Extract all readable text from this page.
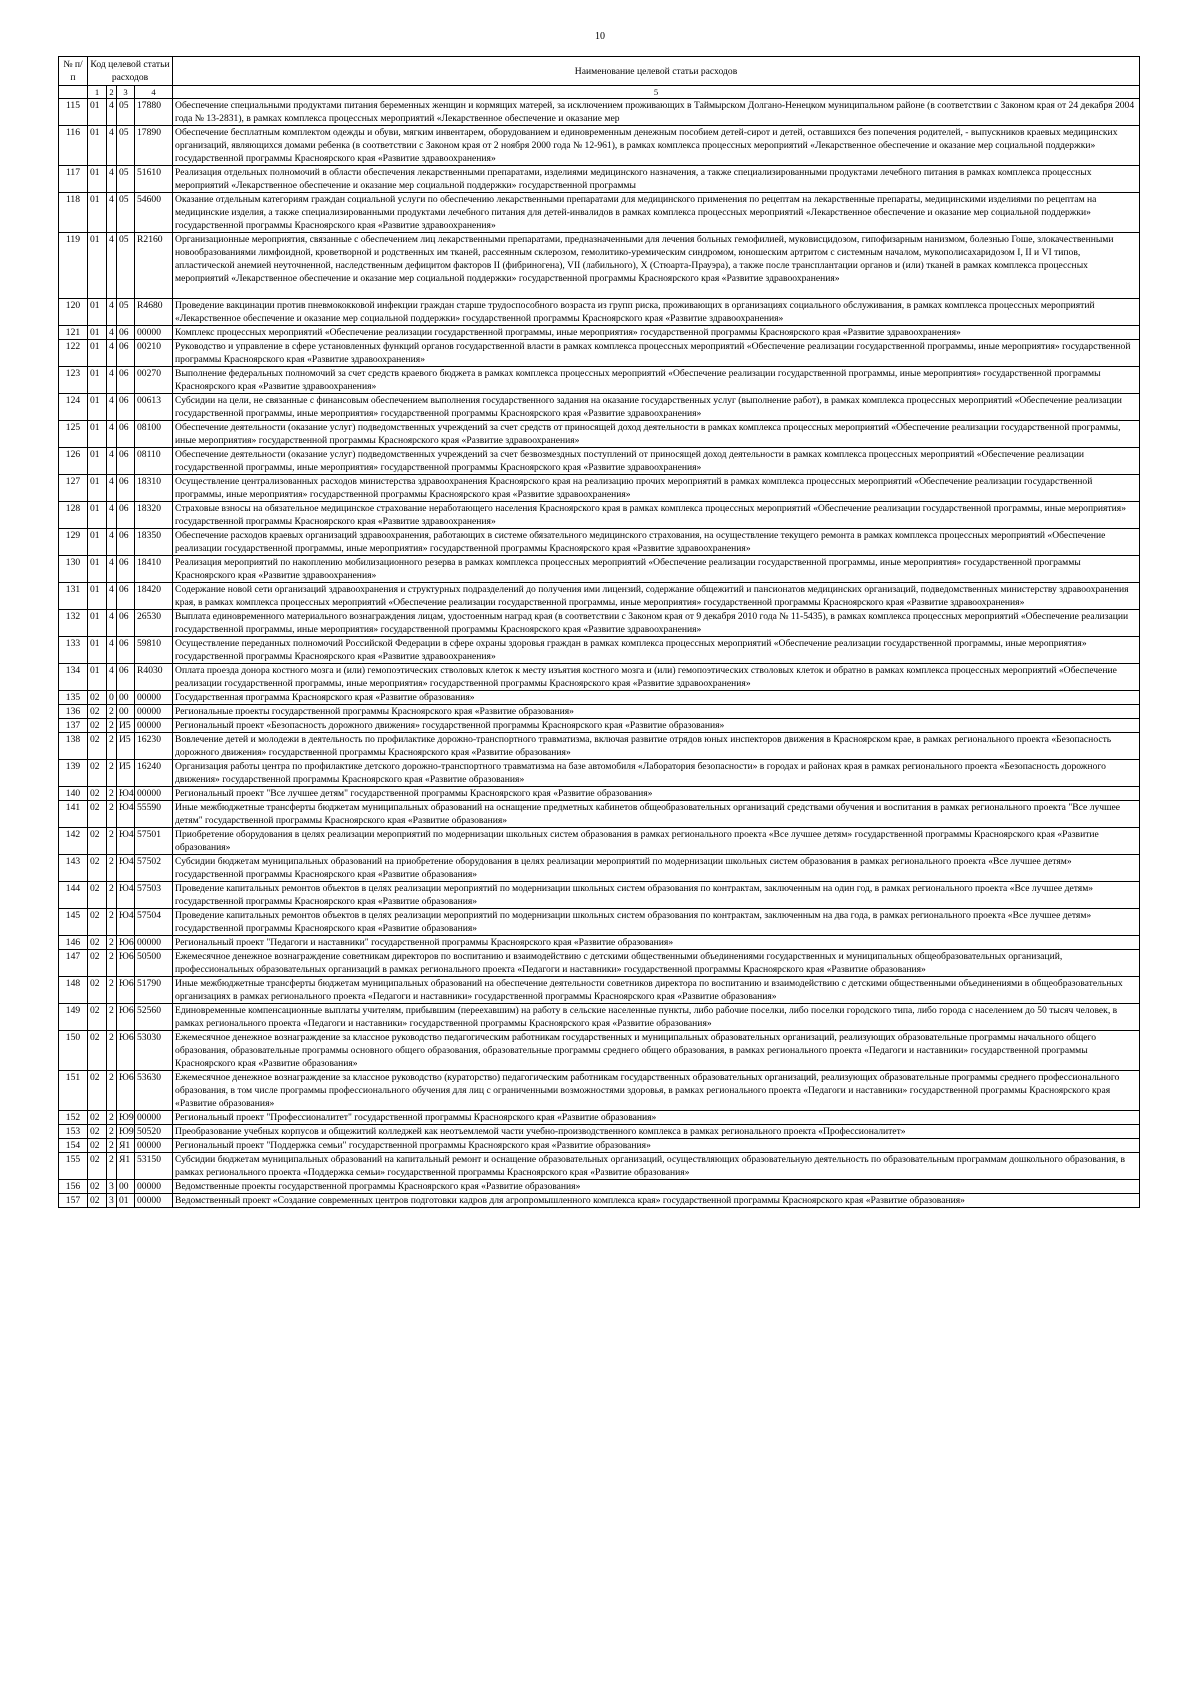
10
№ п/п	Код целевой статьи расходов				Наименование целевой статьи расходов
	1	2	3	4	5
115	01	4	05	17880	Обеспечение специальными продуктами питания беременных женщин и кормящих матерей, за исключением проживающих в Таймырском Долгано-Ненецком муниципальном районе (в соответствии с Законом края от 24 декабря 2004 года № 13-2831), в рамках комплекса процессных мероприятий «Лекарственное обеспечение и оказание мер
116	01	4	05	17890	Обеспечение бесплатным комплектом одежды и обуви, мягким инвентарем, оборудованием и единовременным денежным пособием детей-сирот и детей, оставшихся без попечения родителей, - выпускников краевых медицинских организаций, являющихся домами ребенка (в соответствии с Законом края от 2 ноября 2000 года № 12-961), в рамках комплекса процессных мероприятий «Лекарственное обеспечение и оказание мер социальной поддержки» государственной программы Красноярского края «Развитие здравоохранения»
117	01	4	05	51610	Реализация отдельных полномочий в области обеспечения лекарственными препаратами, изделиями медицинского назначения, а также специализированными продуктами лечебного питания в рамках комплекса процессных мероприятий «Лекарственное обеспечение и оказание мер социальной поддержки» государственной программы
118	01	4	05	54600	Оказание отдельным категориям граждан социальной услуги по обеспечению лекарственными препаратами для медицинского применения по рецептам на лекарственные препараты, медицинскими изделиями по рецептам на медицинские изделия, а также специализированными продуктами лечебного питания для детей-инвалидов в рамках комплекса процессных мероприятий «Лекарственное обеспечение и оказание мер социальной поддержки» государственной программы Красноярского края «Развитие здравоохранения»
119	01	4	05	R2160	Организационные мероприятия, связанные с обеспечением лиц лекарственными препаратами, предназначенными для лечения больных гемофилией, муковисцидозом, гипофизарным нанизмом, болезнью Гоше, злокачественными новообразованиями лимфоидной, кроветворной и родственных им тканей, рассеянным склерозом, гемолитико-уремическим синдромом, юношеским артритом с системным началом, мукополисахаридозом I, II и VI типов, апластической анемией неуточненной, наследственным дефицитом факторов II (фибриногена), VII (лабильного), X (Стюарта-Прауэра), а также после трансплантации органов и (или) тканей в рамках комплекса процессных мероприятий «Лекарственное обеспечение и оказание мер социальной поддержки» государственной программы Красноярского края «Развитие здравоохранения»
120	01	4	05	R4680	Проведение вакцинации против пневмококковой инфекции граждан старше трудоспособного возраста из групп риска, проживающих в организациях социального обслуживания, в рамках комплекса процессных мероприятий «Лекарственное обеспечение и оказание мер социальной поддержки» государственной программы Красноярского края «Развитие здравоохранения»
121	01	4	06	00000	Комплекс процессных мероприятий «Обеспечение реализации государственной программы, иные мероприятия» государственной программы Красноярского края «Развитие здравоохранения»
122	01	4	06	00210	Руководство и управление в сфере установленных функций органов государственной власти в рамках комплекса процессных мероприятий «Обеспечение реализации государственной программы, иные мероприятия» государственной программы Красноярского края «Развитие здравоохранения»
123	01	4	06	00270	Выполнение федеральных полномочий за счет средств краевого бюджета в рамках комплекса процессных мероприятий «Обеспечение реализации государственной программы, иные мероприятия» государственной программы Красноярского края «Развитие здравоохранения»
124	01	4	06	00613	Субсидии на цели, не связанные с финансовым обеспечением выполнения государственного задания на оказание государственных услуг (выполнение работ), в рамках комплекса процессных мероприятий «Обеспечение реализации государственной программы, иные мероприятия» государственной программы Красноярского края «Развитие здравоохранения»
125	01	4	06	08100	Обеспечение деятельности (оказание услуг) подведомственных учреждений за счет средств от приносящей доход деятельности в рамках комплекса процессных мероприятий «Обеспечение реализации государственной программы, иные мероприятия» государственной программы Красноярского края «Развитие здравоохранения»
126	01	4	06	08110	Обеспечение деятельности (оказание услуг) подведомственных учреждений за счет безвозмездных поступлений от приносящей доход деятельности в рамках комплекса процессных мероприятий «Обеспечение реализации государственной программы, иные мероприятия» государственной программы Красноярского края «Развитие здравоохранения»
127	01	4	06	18310	Осуществление централизованных расходов министерства здравоохранения Красноярского края на реализацию прочих мероприятий в рамках комплекса процессных мероприятий «Обеспечение реализации государственной программы, иные мероприятия» государственной программы Красноярского края «Развитие здравоохранения»
128	01	4	06	18320	Страховые взносы на обязательное медицинское страхование неработающего населения Красноярского края в рамках комплекса процессных мероприятий «Обеспечение реализации государственной программы, иные мероприятия» государственной программы Красноярского края «Развитие здравоохранения»
129	01	4	06	18350	Обеспечение расходов краевых организаций здравоохранения, работающих в системе обязательного медицинского страхования, на осуществление текущего ремонта в рамках комплекса процессных мероприятий «Обеспечение реализации государственной программы, иные мероприятия» государственной программы Красноярского края «Развитие здравоохранения»
130	01	4	06	18410	Реализация мероприятий по накоплению мобилизационного резерва в рамках комплекса процессных мероприятий «Обеспечение реализации государственной программы, иные мероприятия» государственной программы Красноярского края «Развитие здравоохранения»
131	01	4	06	18420	Содержание новой сети организаций здравоохранения и структурных подразделений до получения ими лицензий, содержание общежитий и пансионатов медицинских организаций, подведомственных министерству здравоохранения края, в рамках комплекса процессных мероприятий «Обеспечение реализации государственной программы, иные мероприятия» государственной программы Красноярского края «Развитие здравоохранения»
132	01	4	06	26530	Выплата единовременного материального вознаграждения лицам, удостоенным наград края (в соответствии с Законом края от 9 декабря 2010 года № 11-5435), в рамках комплекса процессных мероприятий «Обеспечение реализации государственной программы, иные мероприятия» государственной программы Красноярского края «Развитие здравоохранения»
133	01	4	06	59810	Осуществление переданных полномочий Российской Федерации в сфере охраны здоровья граждан в рамках комплекса процессных мероприятий «Обеспечение реализации государственной программы, иные мероприятия» государственной программы Красноярского края «Развитие здравоохранения»
134	01	4	06	R4030	Оплата проезда донора костного мозга и (или) гемопоэтических стволовых клеток к месту изъятия костного мозга и (или) гемопоэтических стволовых клеток и обратно в рамках комплекса процессных мероприятий «Обеспечение реализации государственной программы, иные мероприятия» государственной программы Красноярского края «Развитие здравоохранения»
135	02	0	00	00000	Государственная программа Красноярского края «Развитие образования»
136	02	2	00	00000	Региональные проекты государственной программы Красноярского края «Развитие образования»
137	02	2	И5	00000	Региональный проект «Безопасность дорожного движения» государственной программы Красноярского края «Развитие образования»
138	02	2	И5	16230	Вовлечение детей и молодежи в деятельность по профилактике дорожно-транспортного травматизма, включая развитие отрядов юных инспекторов движения в Красноярском крае, в рамках регионального проекта «Безопасность дорожного движения» государственной программы Красноярского края «Развитие образования»
139	02	2	И5	16240	Организация работы центра по профилактике детского дорожно-транспортного травматизма на базе автомобиля «Лаборатория безопасности» в городах и районах края в рамках регионального проекта «Безопасность дорожного движения» государственной программы Красноярского края «Развитие образования»
140	02	2	Ю4	00000	Региональный проект "Все лучшее детям" государственной программы Красноярского края «Развитие образования»
141	02	2	Ю4	55590	Иные межбюджетные трансферты бюджетам муниципальных образований на оснащение предметных кабинетов общеобразовательных организаций средствами обучения и воспитания в рамках регионального проекта "Все лучшее детям" государственной программы Красноярского края «Развитие образования»
142	02	2	Ю4	57501	Приобретение оборудования в целях реализации мероприятий по модернизации школьных систем образования в рамках регионального проекта «Все лучшее детям» государственной программы Красноярского края «Развитие образования»
143	02	2	Ю4	57502	Субсидии бюджетам муниципальных образований на приобретение оборудования в целях реализации мероприятий по модернизации школьных систем образования в рамках регионального проекта «Все лучшее детям» государственной программы Красноярского края «Развитие образования»
144	02	2	Ю4	57503	Проведение капитальных ремонтов объектов в целях реализации мероприятий по модернизации школьных систем образования по контрактам, заключенным на один год, в рамках регионального проекта «Все лучшее детям» государственной программы Красноярского края «Развитие образования»
145	02	2	Ю4	57504	Проведение капитальных ремонтов объектов в целях реализации мероприятий по модернизации школьных систем образования по контрактам, заключенным на два года, в рамках регионального проекта «Все лучшее детям» государственной программы Красноярского края «Развитие образования»
146	02	2	Ю6	00000	Региональный проект "Педагоги и наставники" государственной программы Красноярского края «Развитие образования»
147	02	2	Ю6	50500	Ежемесячное денежное вознаграждение советникам директоров по воспитанию и взаимодействию с детскими общественными объединениями государственных и муниципальных общеобразовательных организаций, профессиональных образовательных организаций в рамках регионального проекта «Педагоги и наставники» государственной программы Красноярского края «Развитие образования»
148	02	2	Ю6	51790	Иные межбюджетные трансферты бюджетам муниципальных образований на обеспечение деятельности советников директора по воспитанию и взаимодействию с детскими общественными объединениями в общеобразовательных организациях в рамках регионального проекта «Педагоги и наставники» государственной программы Красноярского края «Развитие образования»
149	02	2	Ю6	52560	Единовременные компенсационные выплаты учителям, прибывшим (переехавшим) на работу в сельские населенные пункты, либо рабочие поселки, либо поселки городского типа, либо города с населением до 50 тысяч человек, в рамках регионального проекта «Педагоги и наставники» государственной программы Красноярского края «Развитие образования»
150	02	2	Ю6	53030	Ежемесячное денежное вознаграждение за классное руководство педагогическим работникам государственных и муниципальных образовательных организаций, реализующих образовательные программы начального общего образования, образовательные программы основного общего образования, образовательные программы среднего общего образования, в рамках регионального проекта «Педагоги и наставники» государственной программы Красноярского края «Развитие образования»
151	02	2	Ю6	53630	Ежемесячное денежное вознаграждение за классное руководство (кураторство) педагогическим работникам государственных образовательных организаций, реализующих образовательные программы среднего профессионального образования, в том числе программы профессионального обучения для лиц с ограниченными возможностями здоровья, в рамках регионального проекта «Педагоги и наставники» государственной программы Красноярского края «Развитие образования»
152	02	2	Ю9	00000	Региональный проект "Профессионалитет" государственной программы Красноярского края «Развитие образования»
153	02	2	Ю9	50520	Преобразование учебных корпусов и общежитий колледжей как неотъемлемой части учебно-производственного комплекса в рамках регионального проекта «Профессионалитет»
154	02	2	Я1	00000	Региональный проект "Поддержка семьи" государственной программы Красноярского края «Развитие образования»
155	02	2	Я1	53150	Субсидии бюджетам муниципальных образований на капитальный ремонт и оснащение образовательных организаций, осуществляющих образовательную деятельность по образовательным программам дошкольного образования, в рамках регионального проекта «Поддержка семьи» государственной программы Красноярского края «Развитие образования»
156	02	3	00	00000	Ведомственные проекты государственной программы Красноярского края «Развитие образования»
157	02	3	01	00000	Ведомственный проект «Создание современных центров подготовки кадров для агропромышленного комплекса края» государственной программы Красноярского края «Развитие образования»
